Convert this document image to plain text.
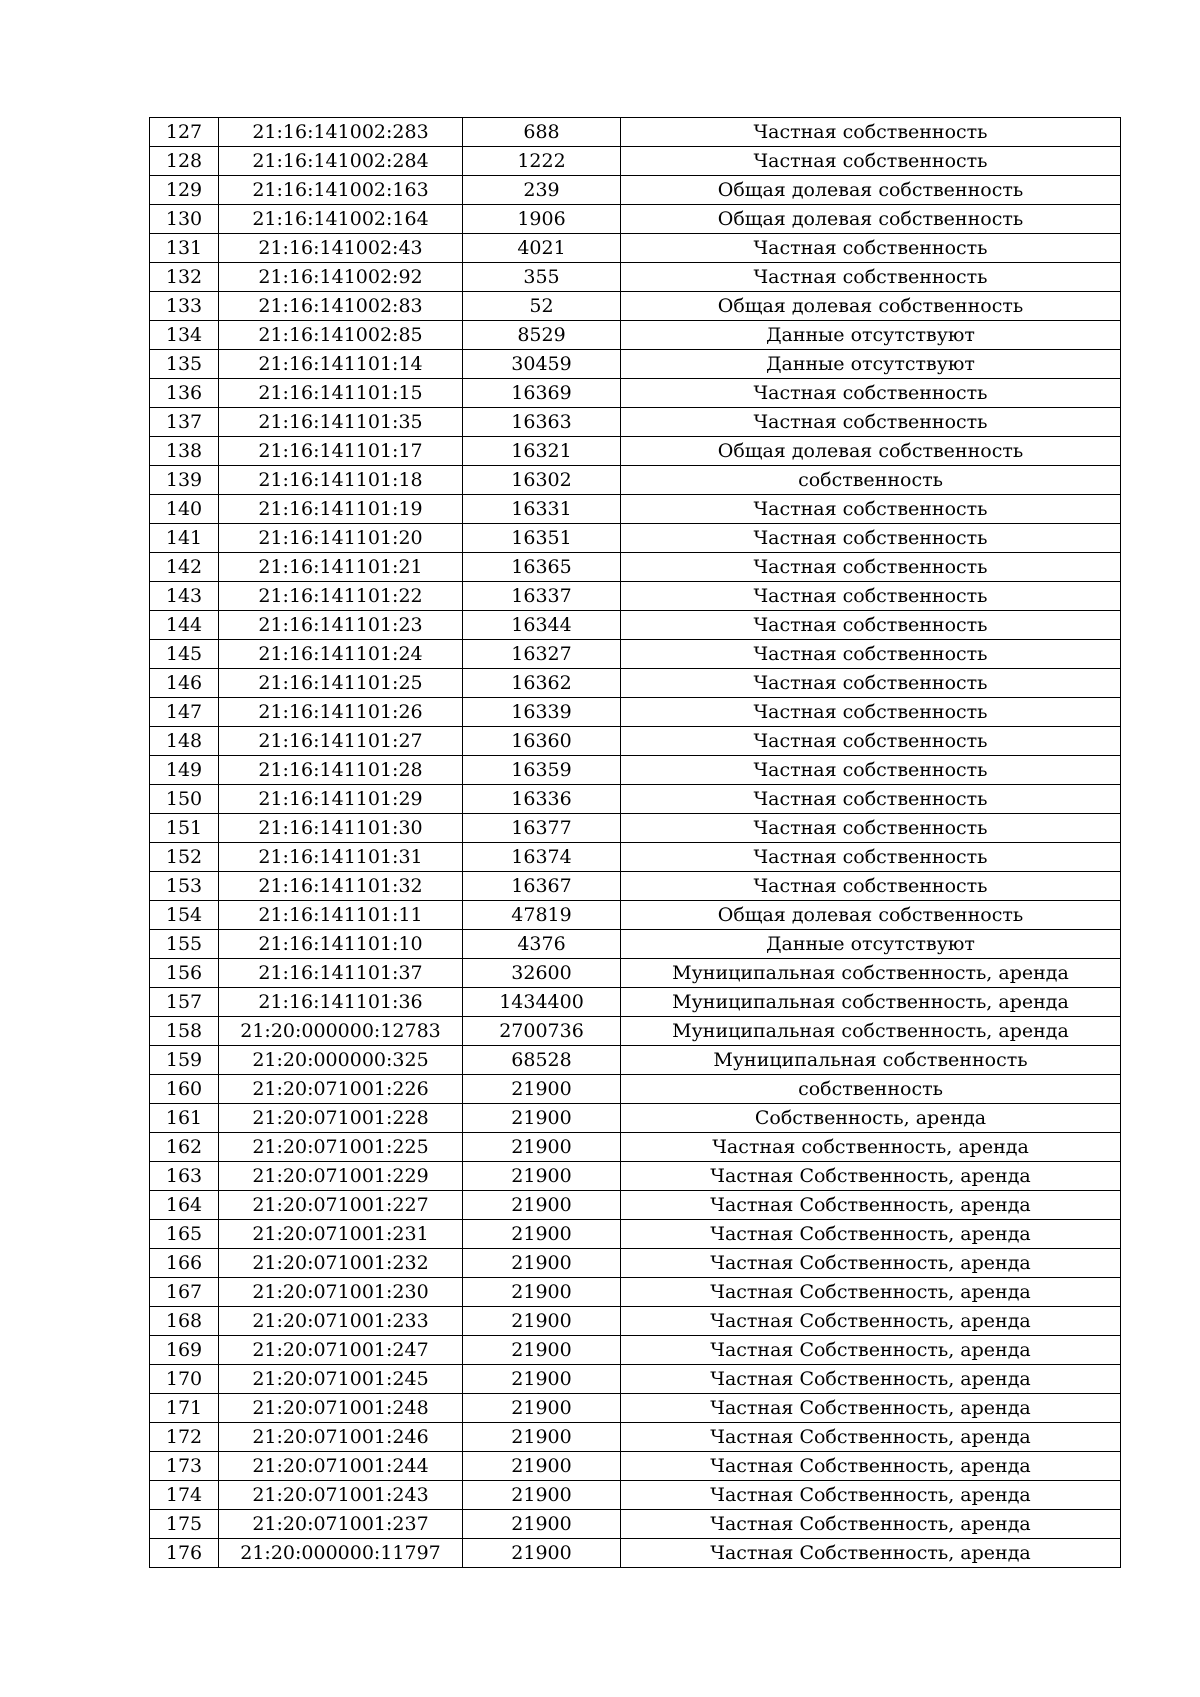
127	21:16:141002:283	688	Частная собственность
128	21:16:141002:284	1222	Частная собственность
129	21:16:141002:163	239	Общая долевая собственность
130	21:16:141002:164	1906	Общая долевая собственность
131	21:16:141002:43	4021	Частная собственность
132	21:16:141002:92	355	Частная собственность
133	21:16:141002:83	52	Общая долевая собственность
134	21:16:141002:85	8529	Данные отсутствуют
135	21:16:141101:14	30459	Данные отсутствуют
136	21:16:141101:15	16369	Частная собственность
137	21:16:141101:35	16363	Частная собственность
138	21:16:141101:17	16321	Общая долевая собственность
139	21:16:141101:18	16302	собственность
140	21:16:141101:19	16331	Частная собственность
141	21:16:141101:20	16351	Частная собственность
142	21:16:141101:21	16365	Частная собственность
143	21:16:141101:22	16337	Частная собственность
144	21:16:141101:23	16344	Частная собственность
145	21:16:141101:24	16327	Частная собственность
146	21:16:141101:25	16362	Частная собственность
147	21:16:141101:26	16339	Частная собственность
148	21:16:141101:27	16360	Частная собственность
149	21:16:141101:28	16359	Частная собственность
150	21:16:141101:29	16336	Частная собственность
151	21:16:141101:30	16377	Частная собственность
152	21:16:141101:31	16374	Частная собственность
153	21:16:141101:32	16367	Частная собственность
154	21:16:141101:11	47819	Общая долевая собственность
155	21:16:141101:10	4376	Данные отсутствуют
156	21:16:141101:37	32600	Муниципальная собственность, аренда
157	21:16:141101:36	1434400	Муниципальная собственность, аренда
158	21:20:000000:12783	2700736	Муниципальная собственность, аренда
159	21:20:000000:325	68528	Муниципальная собственность
160	21:20:071001:226	21900	собственность
161	21:20:071001:228	21900	Собственность, аренда
162	21:20:071001:225	21900	Частная собственность, аренда
163	21:20:071001:229	21900	Частная Собственность, аренда
164	21:20:071001:227	21900	Частная Собственность, аренда
165	21:20:071001:231	21900	Частная Собственность, аренда
166	21:20:071001:232	21900	Частная Собственность, аренда
167	21:20:071001:230	21900	Частная Собственность, аренда
168	21:20:071001:233	21900	Частная Собственность, аренда
169	21:20:071001:247	21900	Частная Собственность, аренда
170	21:20:071001:245	21900	Частная Собственность, аренда
171	21:20:071001:248	21900	Частная Собственность, аренда
172	21:20:071001:246	21900	Частная Собственность, аренда
173	21:20:071001:244	21900	Частная Собственность, аренда
174	21:20:071001:243	21900	Частная Собственность, аренда
175	21:20:071001:237	21900	Частная Собственность, аренда
176	21:20:000000:11797	21900	Частная Собственность, аренда
